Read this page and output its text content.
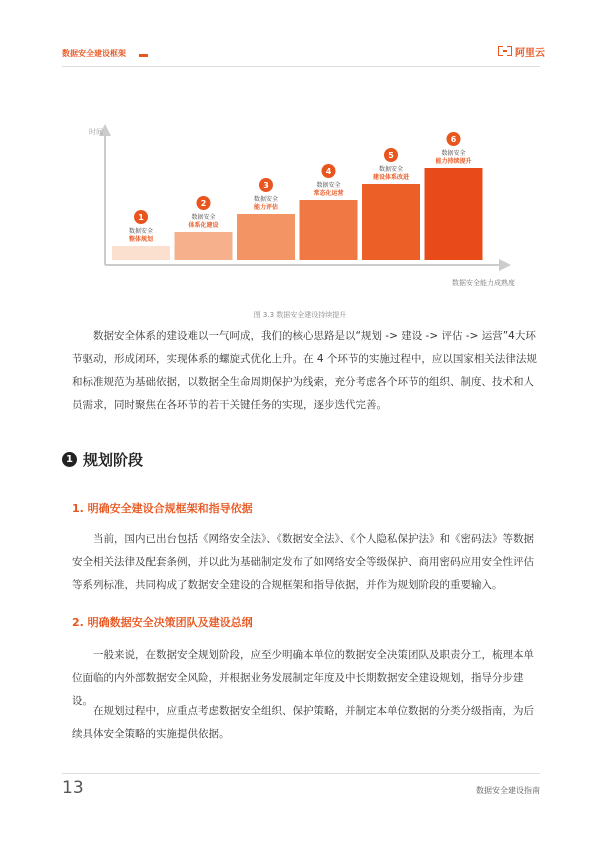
数据安全建设框架	阿里云
时间
数据安全能力成熟度
整体规划
数据安全
1
体系化建设
数据安全
2	能力评估
数据安全
3
常态化运营
数据安全
4
建设体系改进
数据安全
5
能力持续提升
数据安全
6
图 3.3 数据安全建设持续提升

数据安全体系的建设难以一气呵成，我们的核心思路是以“规划 -> 建设 -> 评估 -> 运营”4大环节驱动，形成闭环，实现体系的螺旋式优化上升。在 4 个环节的实施过程中，应以国家相关法律法规和标准规范为基础依据，以数据全生命周期保护为线索，充分考虑各个环节的组织、制度、技术和人员需求，同时聚焦在各环节的若干关键任务的实现，逐步迭代完善。

1 规划阶段
1. 明确安全建设合规框架和指导依据

当前，国内已出台包括《网络安全法》、《数据安全法》、《个人隐私保护法》和《密码法》等数据安全相关法律及配套条例，并以此为基础制定发布了如网络安全等级保护、商用密码应用安全性评估等系列标准，共同构成了数据安全建设的合规框架和指导依据，并作为规划阶段的重要输入。

2. 明确数据安全决策团队及建设总纲

一般来说，在数据安全规划阶段，应至少明确本单位的数据安全决策团队及职责分工，梳理本单位面临的内外部数据安全风险，并根据业务发展制定年度及中长期数据安全建设规划，指导分步建设。

在规划过程中，应重点考虑数据安全组织、保护策略，并制定本单位数据的分类分级指南，为后续具体安全策略的实施提供依据。

13	数据安全建设指南
